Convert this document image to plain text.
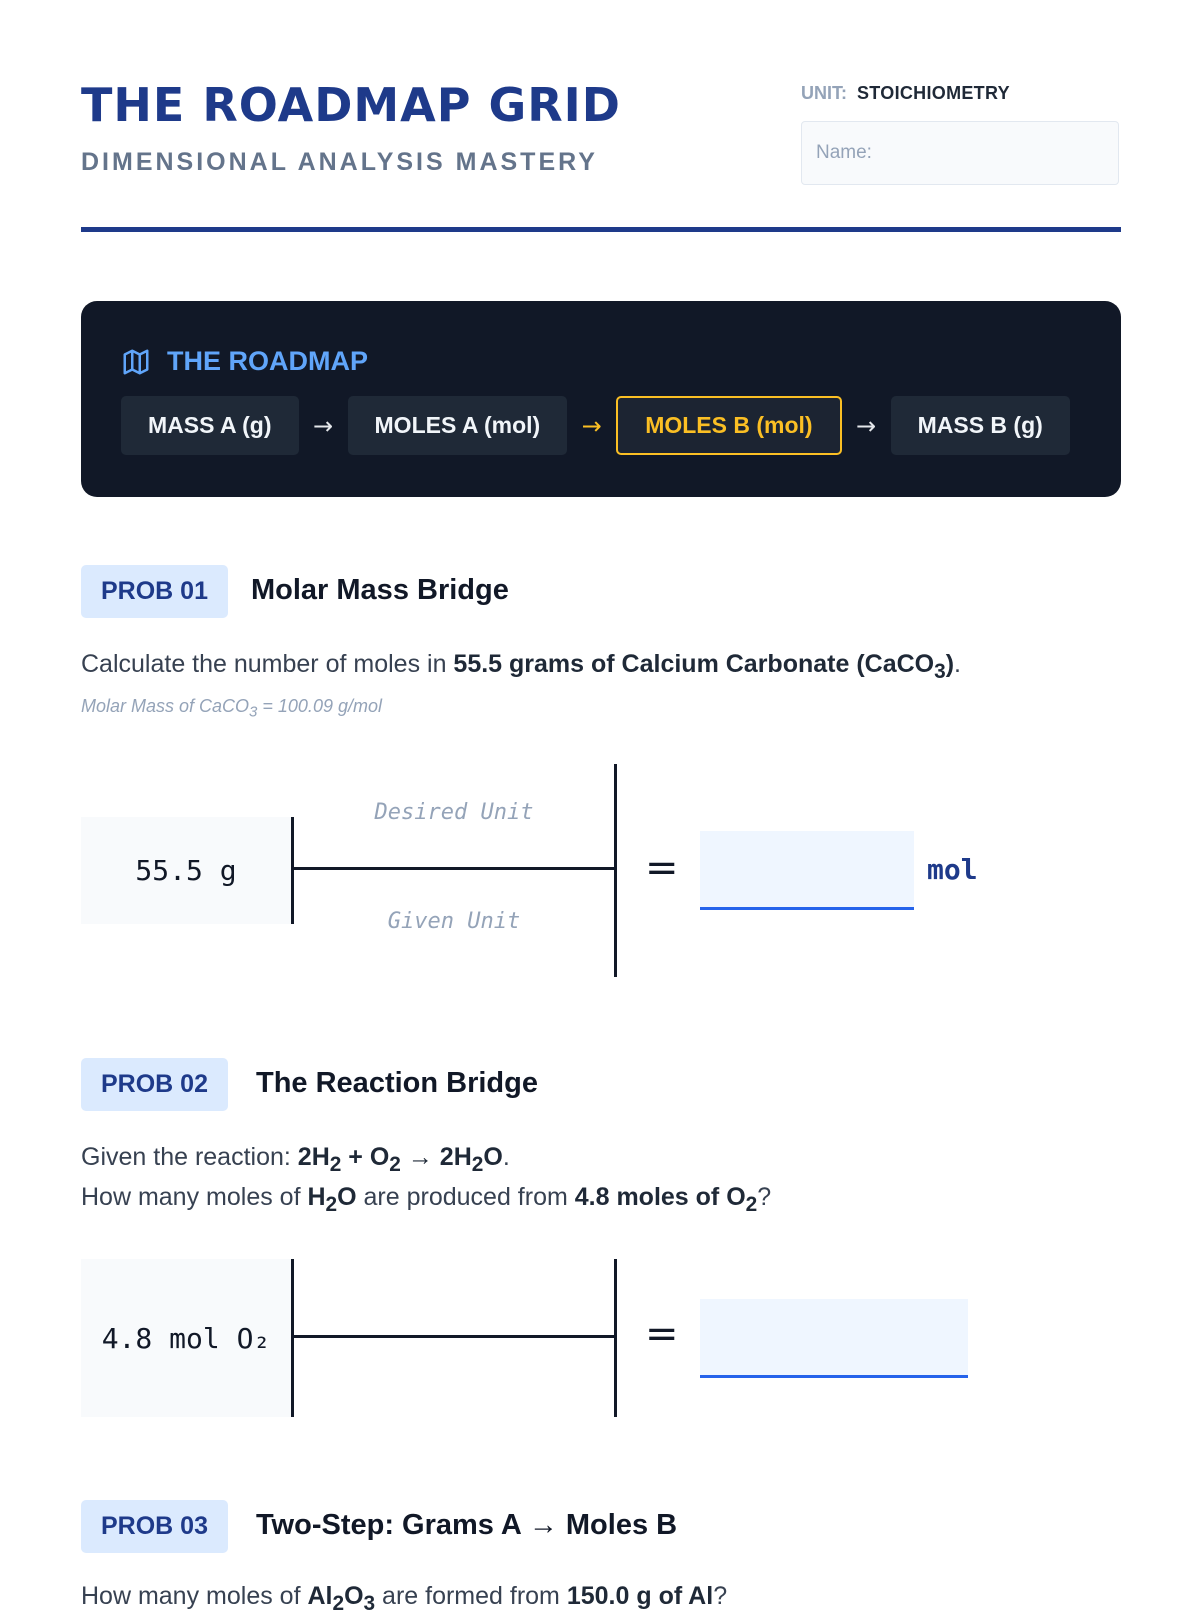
THE ROADMAP GRID
DIMENSIONAL ANALYSIS MASTERY
UNIT: STOICHIOMETRY
Name:
THE ROADMAP
MASS A (g)	→	MOLES A (mol)	→	MOLES B (mol)	→	MASS B (g)
PROB 01	Molar Mass Bridge
Calculate the number of moles in 55.5 grams of Calcium Carbonate (CaCO$_3$).
Molar Mass of CaCO$_3$ = 100.09 g/mol
55.5 g
Desired Unit
Given Unit
=	mol
PROB 02	The Reaction Bridge
Given the reaction: $2H_2 + O_2 \to 2H_2O$.
How many moles of $H_2O$ are produced from 4.8 moles of $O_2$?
4.8 mol O₂	=
PROB 03	Two-Step: Grams A → Moles B
How many moles of $Al_2O_3$ are formed from 150.0 g of Al?
